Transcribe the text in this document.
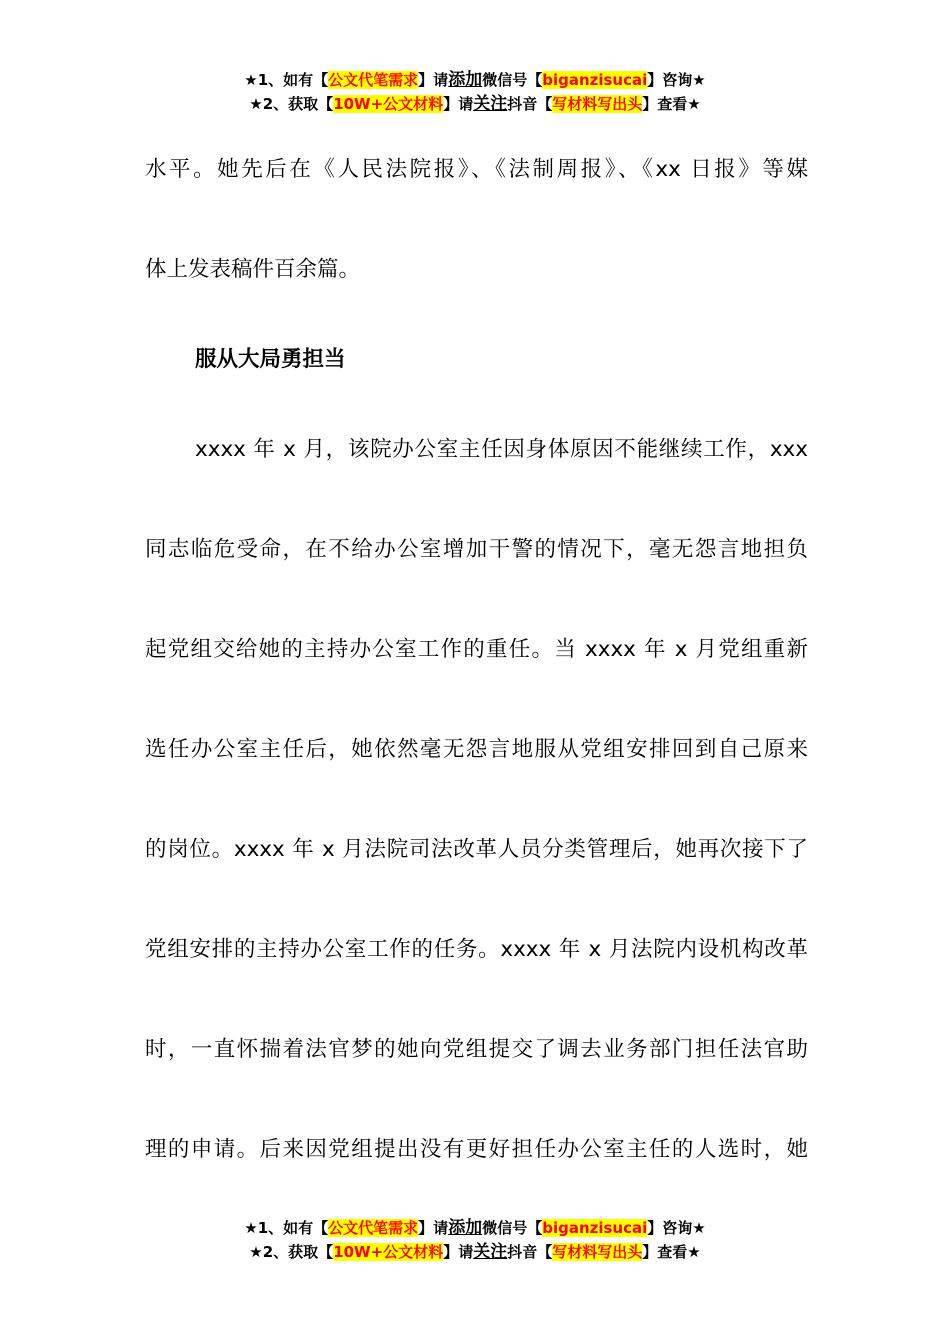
★1、如有【公文代笔需求】请添加微信号【biganzisucai】咨询★
★2、获取【10W+公文材料】请关注抖音【写材料写出头】查看★

水平。她先后在《人民法院报》、《法制周报》、《xx 日报》等媒

体上发表稿件百余篇。

服从大局勇担当

xxxx 年 x 月，该院办公室主任因身体原因不能继续工作，xxx

同志临危受命，在不给办公室增加干警的情况下，毫无怨言地担负

起党组交给她的主持办公室工作的重任。当 xxxx 年 x 月党组重新

选任办公室主任后，她依然毫无怨言地服从党组安排回到自己原来

的岗位。xxxx 年 x 月法院司法改革人员分类管理后，她再次接下了

党组安排的主持办公室工作的任务。xxxx 年 x 月法院内设机构改革

时，一直怀揣着法官梦的她向党组提交了调去业务部门担任法官助

理的申请。后来因党组提出没有更好担任办公室主任的人选时，她

★1、如有【公文代笔需求】请添加微信号【biganzisucai】咨询★
★2、获取【10W+公文材料】请关注抖音【写材料写出头】查看★
